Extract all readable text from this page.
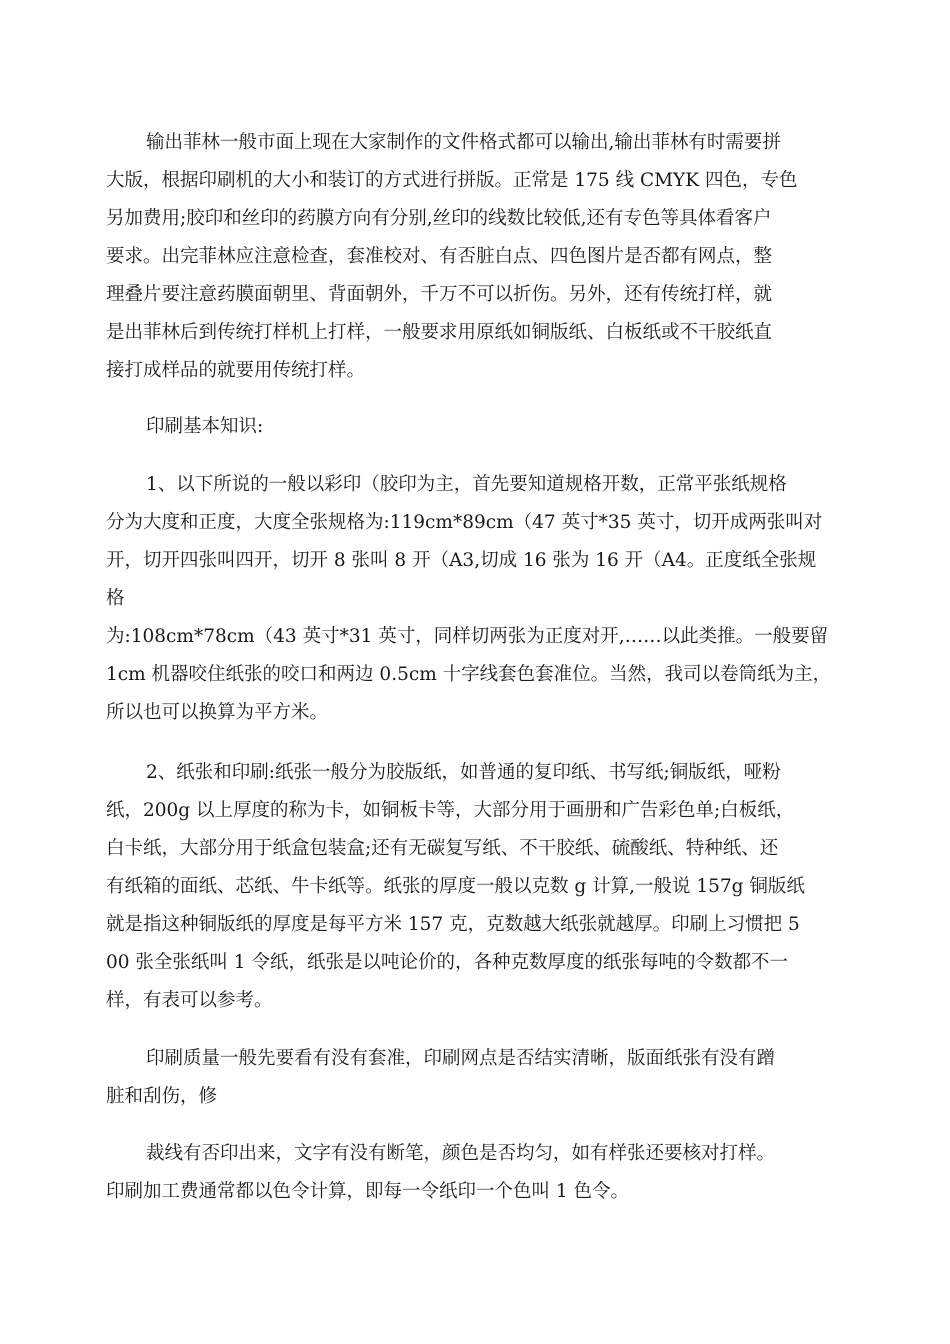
输出菲林一般市面上现在大家制作的文件格式都可以输出,输出菲林有时需要拼
大版，根据印刷机的大小和装订的方式进行拼版。正常是 175 线 CMYK 四色，专色
另加费用;胶印和丝印的药膜方向有分别,丝印的线数比较低,还有专色等具体看客户
要求。出完菲林应注意检查，套准校对、有否脏白点、四色图片是否都有网点，整
理叠片要注意药膜面朝里、背面朝外，千万不可以折伤。另外，还有传统打样，就
是出菲林后到传统打样机上打样，一般要求用原纸如铜版纸、白板纸或不干胶纸直
接打成样品的就要用传统打样。
印刷基本知识:
1、以下所说的一般以彩印（胶印为主，首先要知道规格开数，正常平张纸规格
分为大度和正度，大度全张规格为:119cm*89cm（47 英寸*35 英寸，切开成两张叫对
开，切开四张叫四开，切开 8 张叫 8 开（A3,切成 16 张为 16 开（A4。正度纸全张规
格
为:108cm*78cm（43 英寸*31 英寸，同样切两张为正度对开,……以此类推。一般要留
1cm 机器咬住纸张的咬口和两边 0.5cm 十字线套色套准位。当然，我司以卷筒纸为主，
所以也可以换算为平方米。
2、纸张和印刷:纸张一般分为胶版纸，如普通的复印纸、书写纸;铜版纸，哑粉
纸，200g 以上厚度的称为卡，如铜板卡等，大部分用于画册和广告彩色单;白板纸，
白卡纸，大部分用于纸盒包装盒;还有无碳复写纸、不干胶纸、硫酸纸、特种纸、还
有纸箱的面纸、芯纸、牛卡纸等。纸张的厚度一般以克数 g 计算,一般说 157g 铜版纸
就是指这种铜版纸的厚度是每平方米 157 克，克数越大纸张就越厚。印刷上习惯把 5
00 张全张纸叫 1 令纸，纸张是以吨论价的，各种克数厚度的纸张每吨的令数都不一
样，有表可以参考。
印刷质量一般先要看有没有套准，印刷网点是否结实清晰，版面纸张有没有蹭
脏和刮伤，修
裁线有否印出来，文字有没有断笔，颜色是否均匀，如有样张还要核对打样。
印刷加工费通常都以色令计算，即每一令纸印一个色叫 1 色令。
